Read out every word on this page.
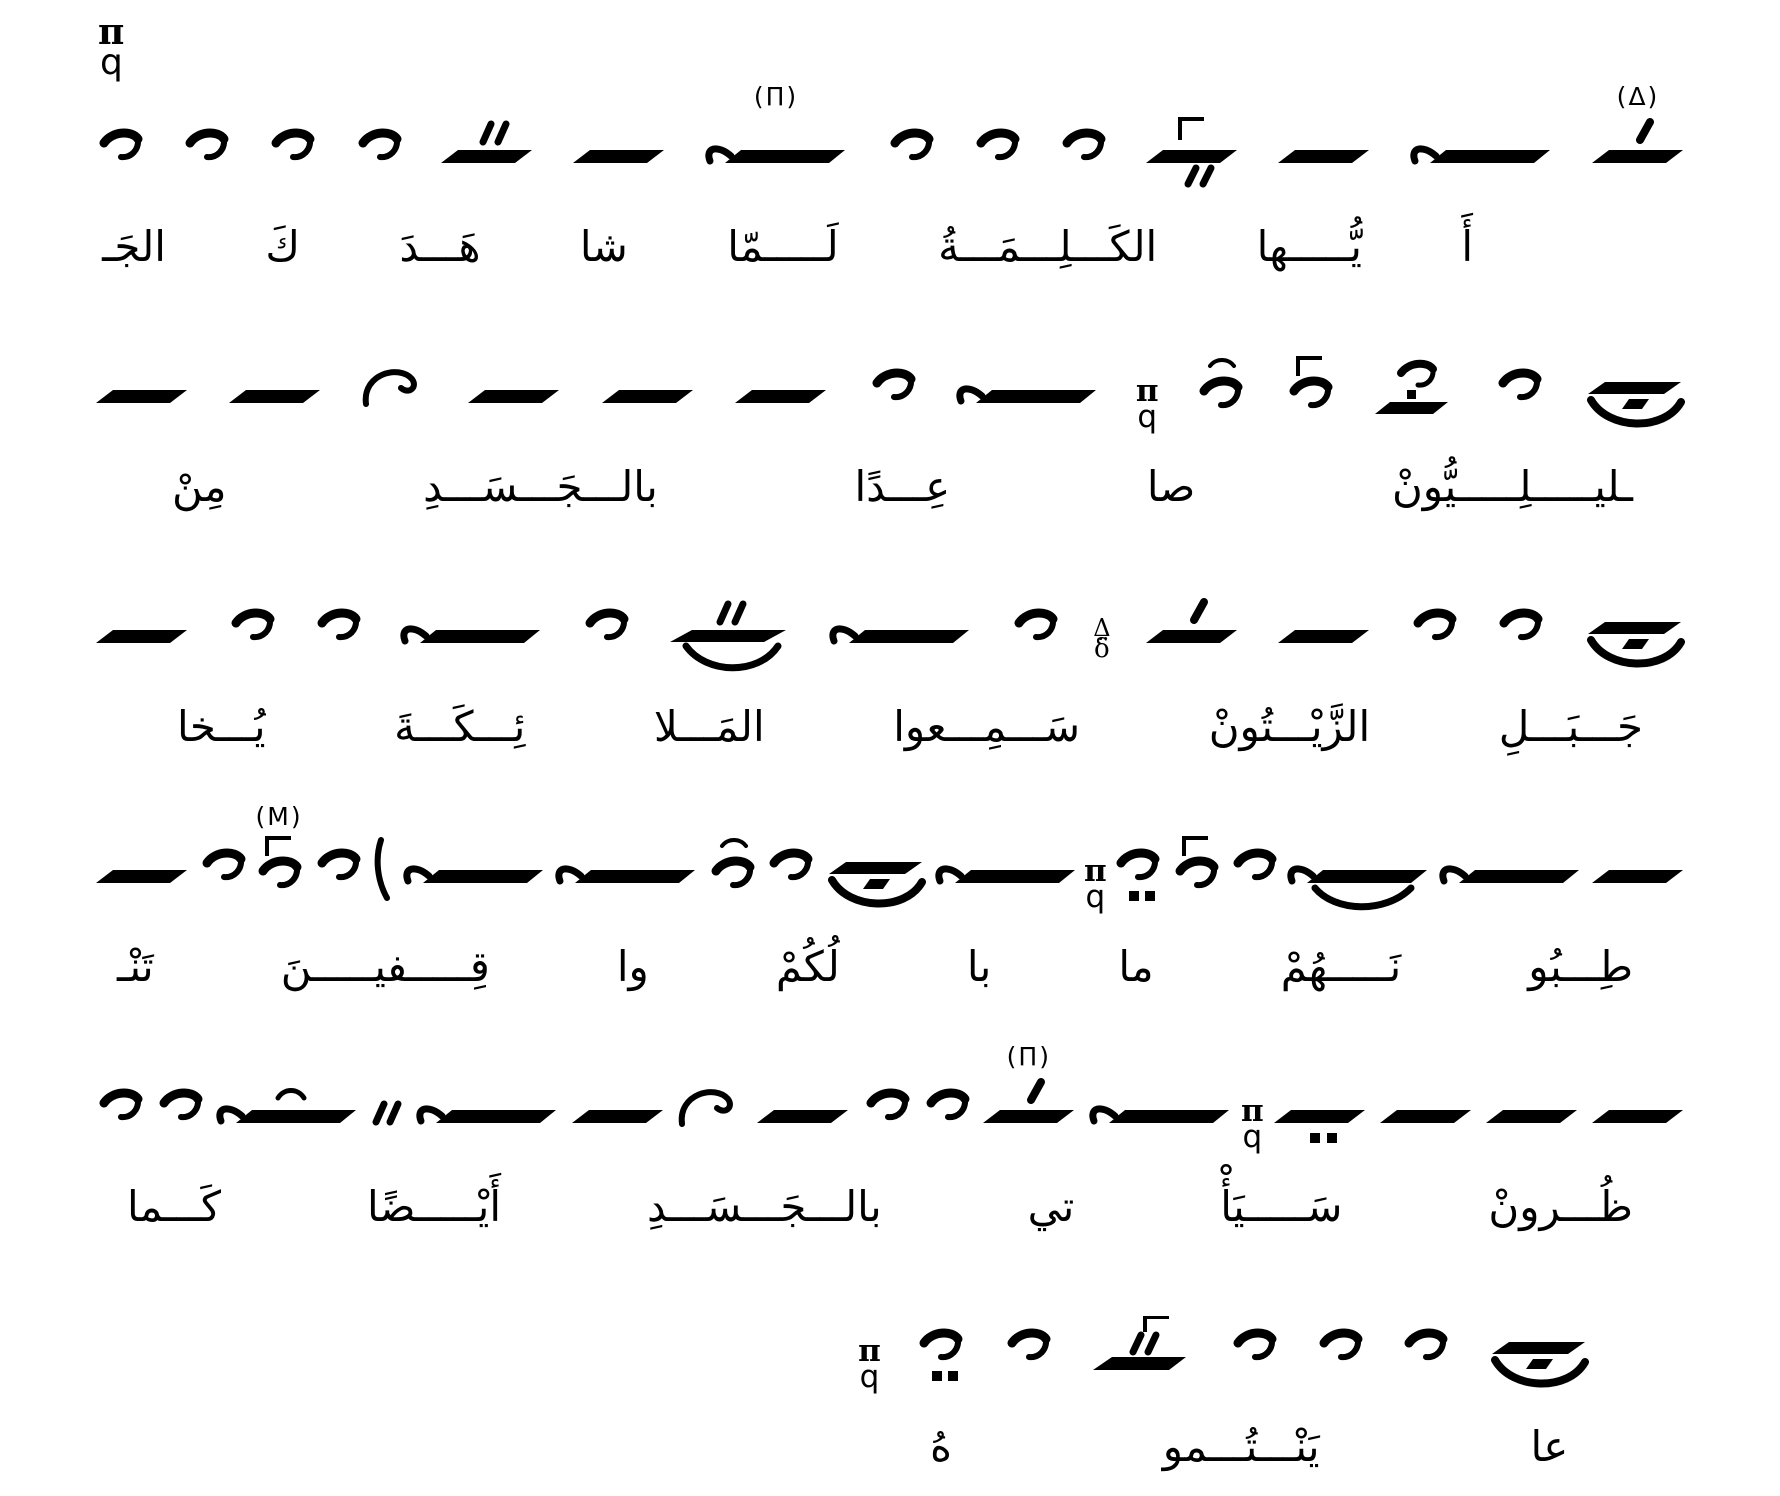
π
q
(Δ)
(Π)
أَ
يُّـــــها
الكَـــلِـــمَـــةُ
لَـــــمّا
شا
هَـــدَ
كَ
الجَـ
π
q
ـليـــــلِـــــيُّونْ
صا
عِـــدًا
بالـــجَـــسَـــدِ
مِنْ
Δ
δ̈
جَـــبَـــلِ
الزَّيْـــتُونْ
سَـــمِـــعوا
المَـــلا
ئِـــكَـــةَ
يُـــخا
π
q
(M)
طِـــبُو
نَـــــهُمْ
ما
با
لُكُمْ
وا
قِـــــفيـــــنَ
تَنْـ
π
q
(Π)
ظُـــرونْ
سَـــــيَأْ
تي
بالـــجَـــسَـــدِ
أَيْـــــضًا
كَـــما
π
q
عا
يَنْـــتُـــمو
هُ
